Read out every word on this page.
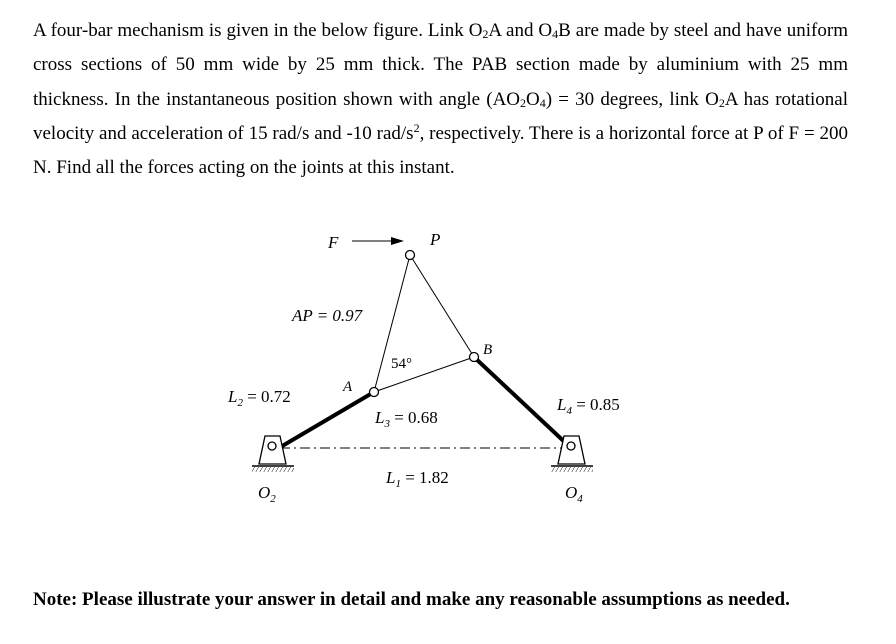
A four-bar mechanism is given in the below figure. Link $O_2A$ and $O_4B$ are made by steel and have uniform cross sections of 50 mm wide by 25 mm thick. The PAB section made by aluminium with 25 mm thickness. In the instantaneous position shown with angle $(AO_2O_4) = 30$ degrees, link $O_2A$ has rotational velocity and acceleration of 15 rad/s and -10 rad/$s^2$, respectively. There is a horizontal force at P of F = 200 N. Find all the forces acting on the joints at this instant.

F	P
AP = 0.97
54°
B
A
$L_2 = 0.72$
$L_3 = 0.68$
$L_4 = 0.85$
$L_1 = 1.82$
$O_2$	$O_4$

Note: Please illustrate your answer in detail and make any reasonable assumptions as needed.
